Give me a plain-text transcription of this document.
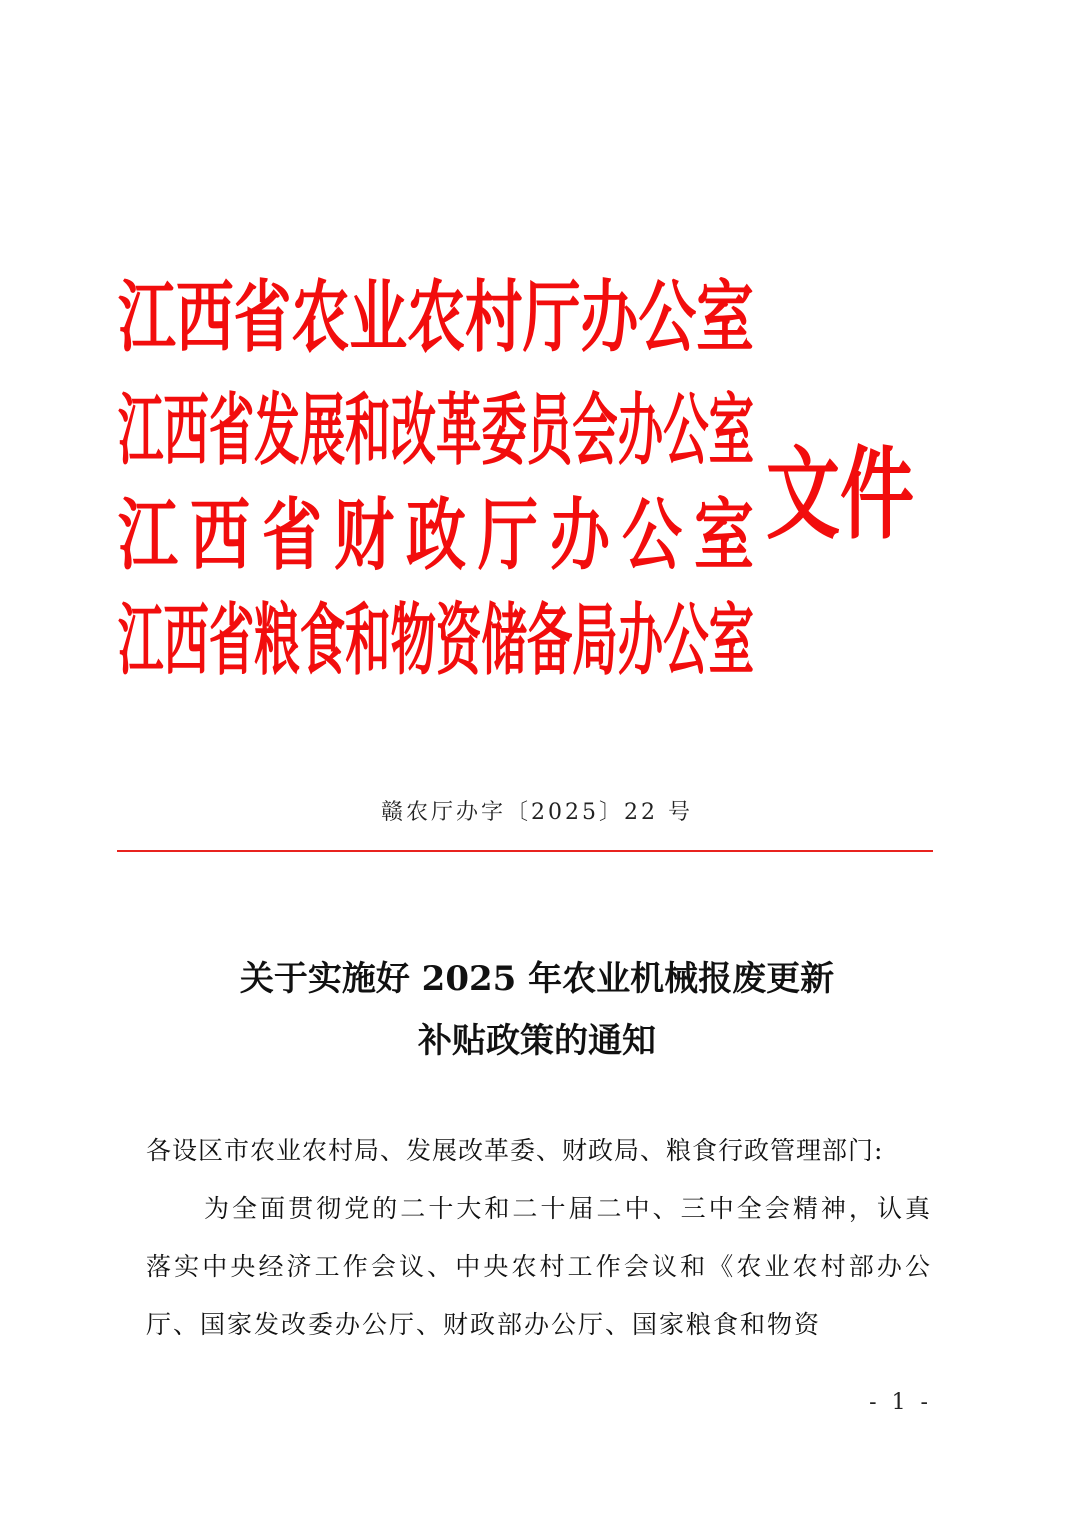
江西省农业农村厅办公室
江西省发展和改革委员会办公室
江西省财政厅办公室
江西省粮食和物资储备局办公室
文件
赣农厅办字〔2025〕22 号
关于实施好 2025 年农业机械报废更新
补贴政策的通知
各设区市农业农村局、发展改革委、财政局、粮食行政管理部门:
为全面贯彻党的二十大和二十届二中、三中全会精神，认真落实中央经济工作会议、中央农村工作会议和《农业农村部办公厅、国家发改委办公厅、财政部办公厅、国家粮食和物资
- 1 -
